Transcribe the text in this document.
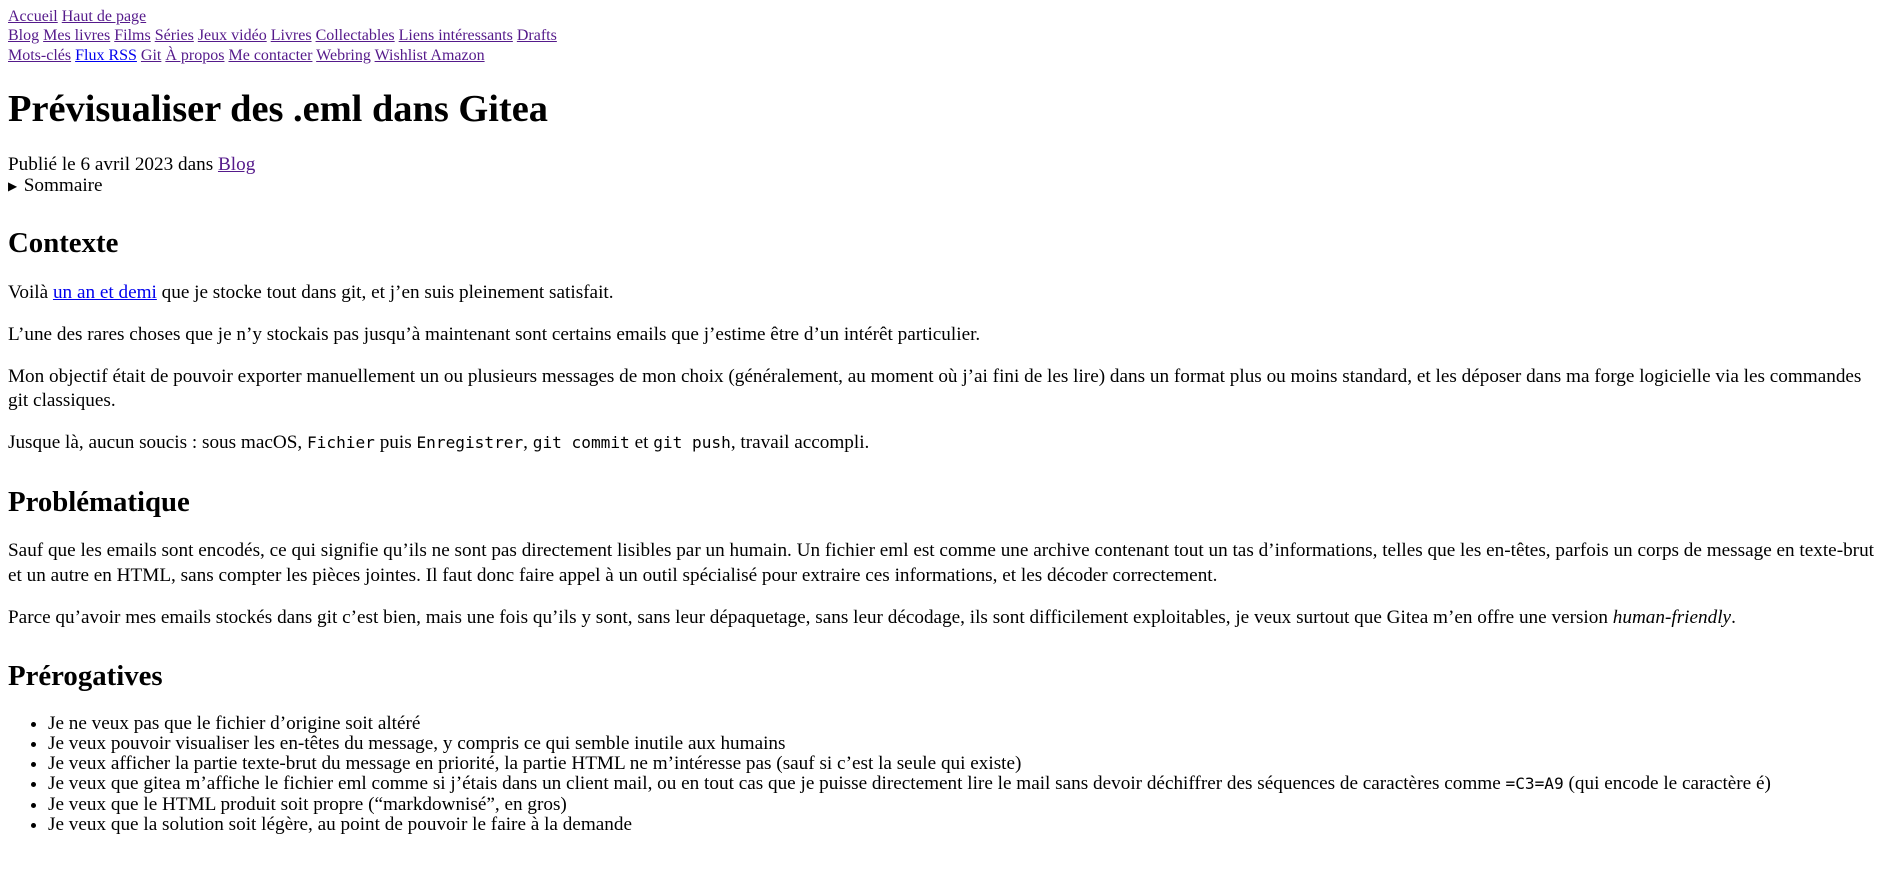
Accueil Haut de page
Blog Mes livres Films Séries Jeux vidéo Livres Collectables Liens intéressants Drafts
Mots-clés Flux RSS Git À propos Me contacter Webring Wishlist Amazon
Prévisualiser des .eml dans Gitea
Publié le 6 avril 2023 dans Blog
▶ Sommaire
Contexte

Voilà un an et demi que je stocke tout dans git, et j’en suis pleinement satisfait.

L’une des rares choses que je n’y stockais pas jusqu’à maintenant sont certains emails que j’estime être d’un intérêt particulier.

Mon objectif était de pouvoir exporter manuellement un ou plusieurs messages de mon choix (généralement, au moment où j’ai fini de les lire) dans un format plus ou moins standard, et les déposer dans ma forge logicielle via les commandes git classiques.

Jusque là, aucun soucis : sous macOS, Fichier puis Enregistrer, git commit et git push, travail accompli.

Problématique

Sauf que les emails sont encodés, ce qui signifie qu’ils ne sont pas directement lisibles par un humain. Un fichier eml est comme une archive contenant tout un tas d’informations, telles que les en-têtes, parfois un corps de message en texte-brut et un autre en HTML, sans compter les pièces jointes. Il faut donc faire appel à un outil spécialisé pour extraire ces informations, et les décoder correctement.

Parce qu’avoir mes emails stockés dans git c’est bien, mais une fois qu’ils y sont, sans leur dépaquetage, sans leur décodage, ils sont difficilement exploitables, je veux surtout que Gitea m’en offre une version human-friendly.

Prérogatives
• Je ne veux pas que le fichier d’origine soit altéré
• Je veux pouvoir visualiser les en-têtes du message, y compris ce qui semble inutile aux humains
• Je veux afficher la partie texte-brut du message en priorité, la partie HTML ne m’intéresse pas (sauf si c’est la seule qui existe)
• Je veux que gitea m’affiche le fichier eml comme si j’étais dans un client mail, ou en tout cas que je puisse directement lire le mail sans devoir déchiffrer des séquences de caractères comme =C3=A9 (qui encode le caractère é)
• Je veux que le HTML produit soit propre (“markdownisé”, en gros)
• Je veux que la solution soit légère, au point de pouvoir le faire à la demande
